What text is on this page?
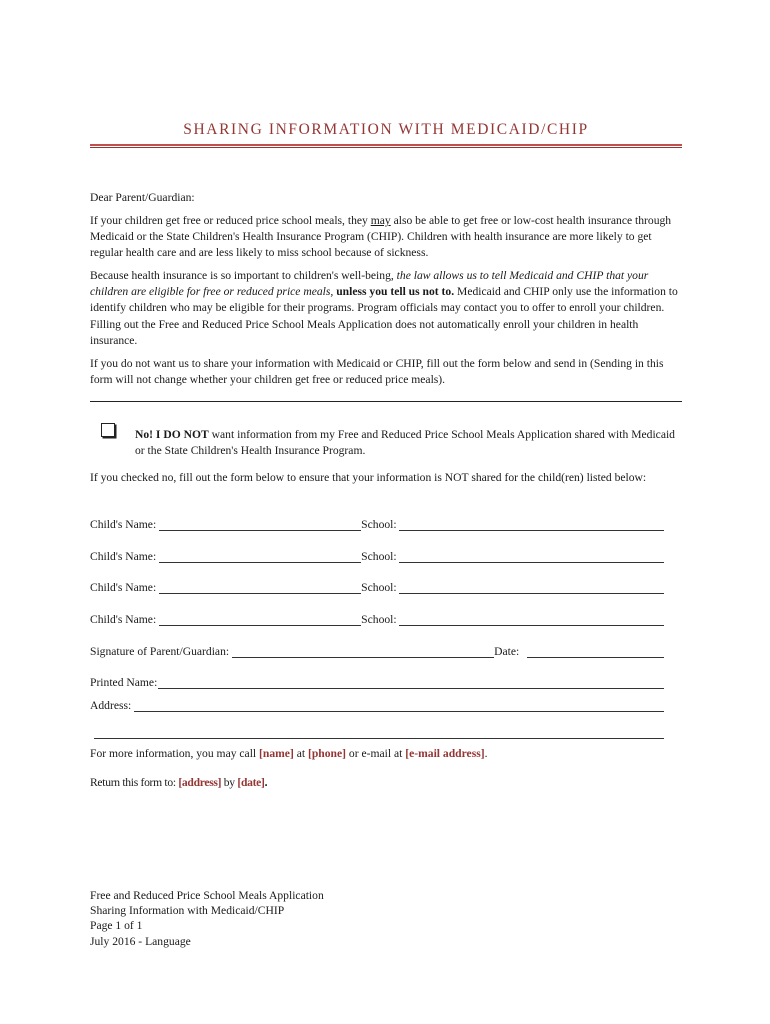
SHARING INFORMATION WITH MEDICAID/CHIP

Dear Parent/Guardian:

If your children get free or reduced price school meals, they may also be able to get free or low-cost health insurance through Medicaid or the State Children's Health Insurance Program (CHIP). Children with health insurance are more likely to get regular health care and are less likely to miss school because of sickness.

Because health insurance is so important to children's well-being, the law allows us to tell Medicaid and CHIP that your children are eligible for free or reduced price meals, unless you tell us not to. Medicaid and CHIP only use the information to identify children who may be eligible for their programs. Program officials may contact you to offer to enroll your children. Filling out the Free and Reduced Price School Meals Application does not automatically enroll your children in health insurance.

If you do not want us to share your information with Medicaid or CHIP, fill out the form below and send in (Sending in this form will not change whether your children get free or reduced price meals).

No! I DO NOT want information from my Free and Reduced Price School Meals Application shared with Medicaid or the State Children's Health Insurance Program.

If you checked no, fill out the form below to ensure that your information is NOT shared for the child(ren) listed below:

Child's Name:	School:
Child's Name:	School:
Child's Name:	School:
Child's Name:	School:
Signature of Parent/Guardian:	Date:
Printed Name:
Address:

For more information, you may call [name] at [phone] or e-mail at [e-mail address].

Return this form to: [address] by [date].

Free and Reduced Price School Meals Application
Sharing Information with Medicaid/CHIP
Page 1 of 1
July 2016 - Language
